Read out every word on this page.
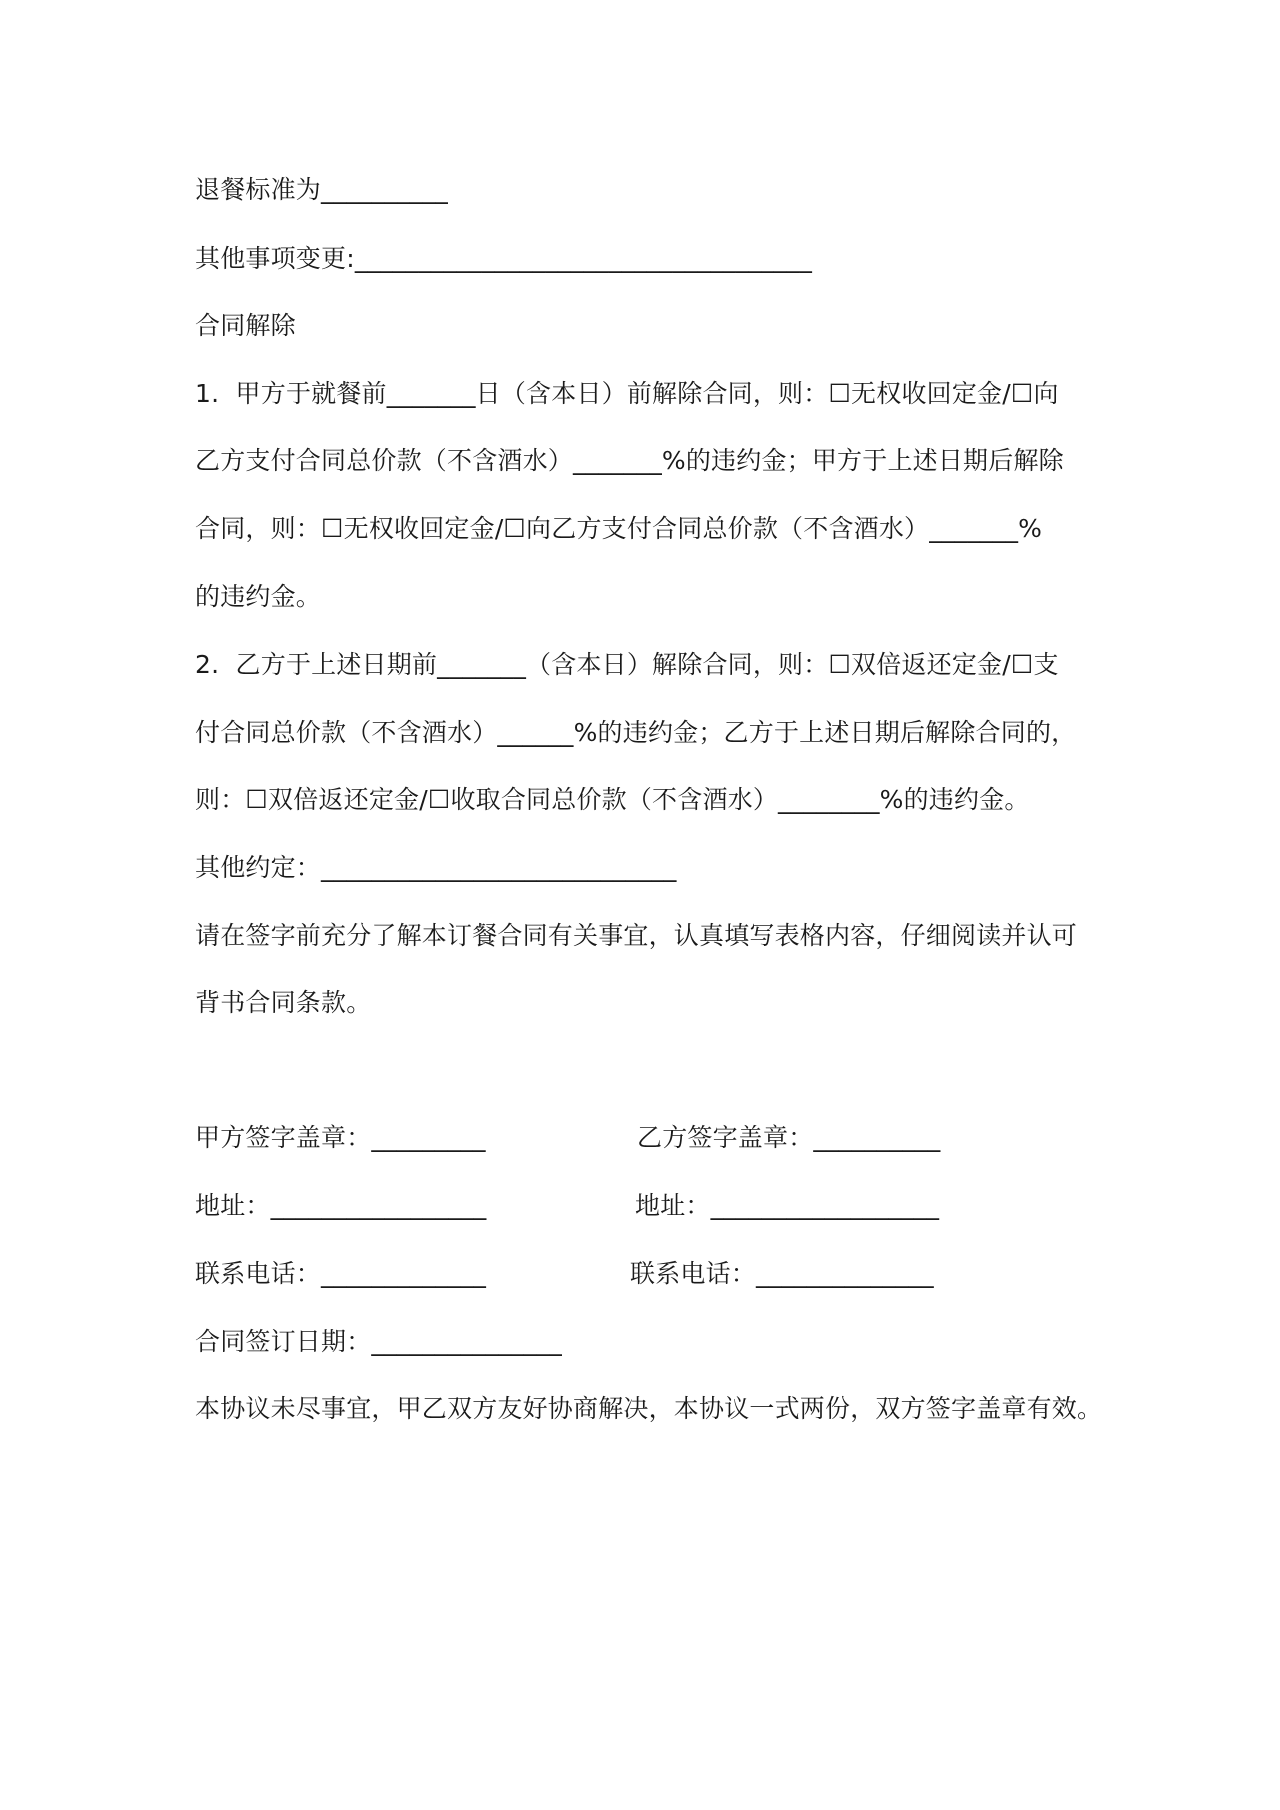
退餐标准为__________
其他事项变更:____________________________________
合同解除
1.  甲方于就餐前_______日（含本日）前解除合同，则：☐无权收回定金/☐向
乙方支付合同总价款（不含酒水）_______%的违约金；甲方于上述日期后解除
合同，则：☐无权收回定金/☐向乙方支付合同总价款（不含酒水）_______%
的违约金。
2.  乙方于上述日期前_______（含本日）解除合同，则：☐双倍返还定金/☐支
付合同总价款（不含酒水）______%的违约金；乙方于上述日期后解除合同的，
则：☐双倍返还定金/☐收取合同总价款（不含酒水）________%的违约金。
其他约定：____________________________
请在签字前充分了解本订餐合同有关事宜，认真填写表格内容，仔细阅读并认可
背书合同条款。
甲方签字盖章：_________	乙方签字盖章：__________
地址：_________________	地址：__________________
联系电话：_____________	联系电话：______________
合同签订日期：_______________
本协议未尽事宜，甲乙双方友好协商解决，本协议一式两份，双方签字盖章有效。
